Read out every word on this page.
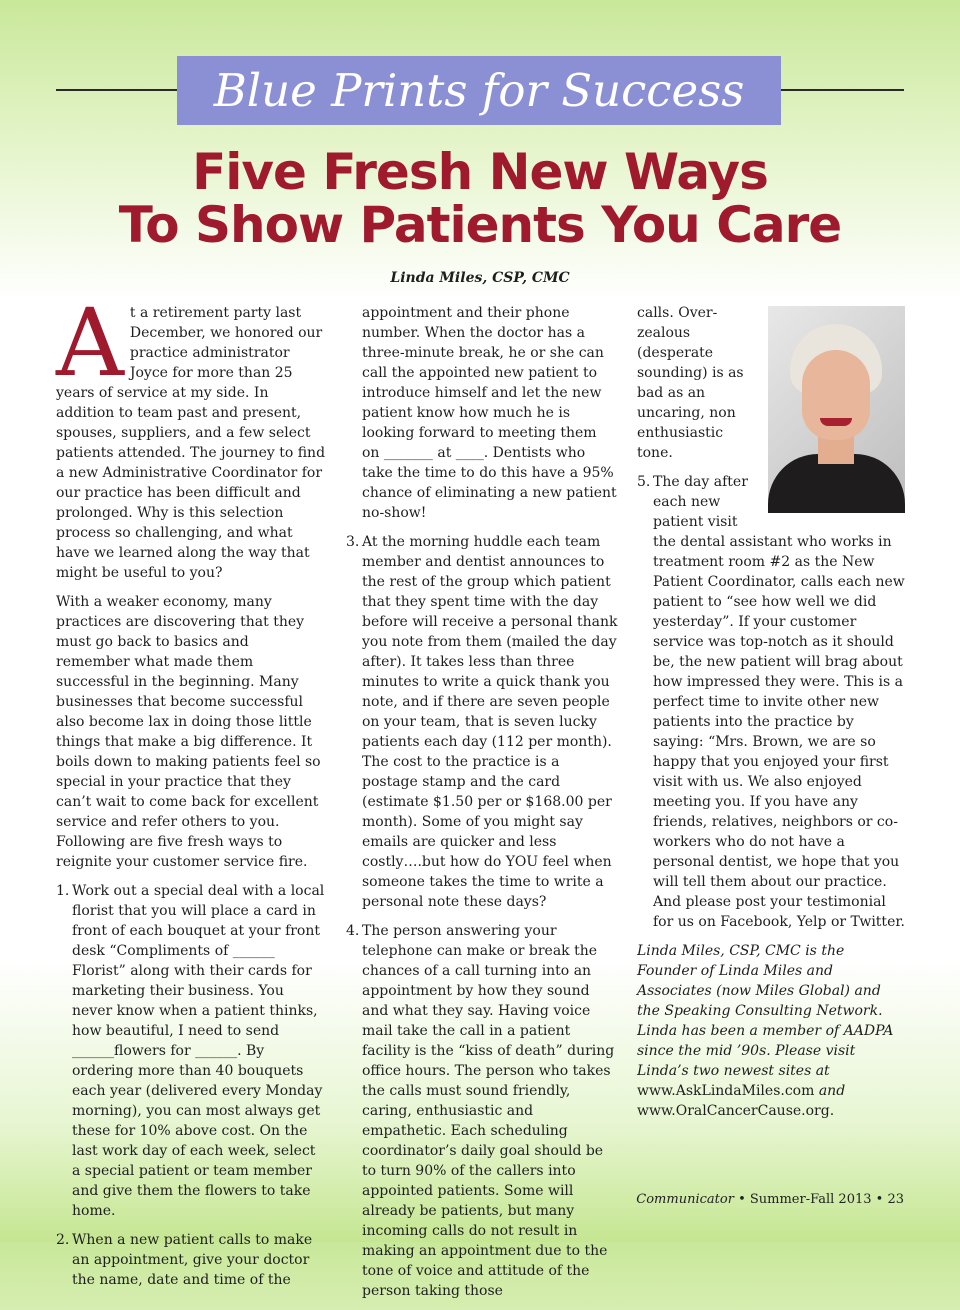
Blue Prints for Success
Five Fresh New Ways
To Show Patients You Care
Linda Miles, CSP, CMC

At a retirement party last December, we honored our practice administrator Joyce for more than 25 years of service at my side. In addition to team past and present, spouses, suppliers, and a few select patients attended. The journey to find a new Administrative Coordinator for our practice has been difficult and prolonged. Why is this selection process so challenging, and what have we learned along the way that might be useful to you?

With a weaker economy, many practices are discovering that they must go back to basics and remember what made them successful in the beginning. Many businesses that become successful also become lax in doing those little things that make a big difference. It boils down to making patients feel so special in your practice that they can’t wait to come back for excellent service and refer others to you. Following are five fresh ways to reignite your customer service fire.

1. Work out a special deal with a local florist that you will place a card in front of each bouquet at your front desk “Compliments of ______ Florist” along with their cards for marketing their business. You never know when a patient thinks, how beautiful, I need to send ______flowers for ______. By ordering more than 40 bouquets each year (delivered every Monday morning), you can most always get these for 10% above cost. On the last work day of each week, select a special patient or team member and give them the flowers to take home.
2. When a new patient calls to make an appointment, give your doctor the name, date and time of the
appointment and their phone number. When the doctor has a three-minute break, he or she can call the appointed new patient to introduce himself and let the new patient know how much he is looking forward to meeting them on _______ at ____. Dentists who take the time to do this have a 95% chance of eliminating a new patient no-show!
3. At the morning huddle each team member and dentist announces to the rest of the group which patient that they spent time with the day before will receive a personal thank you note from them (mailed the day after). It takes less than three minutes to write a quick thank you note, and if there are seven people on your team, that is seven lucky patients each day (112 per month). The cost to the practice is a postage stamp and the card (estimate $1.50 per or $168.00 per month). Some of you might say emails are quicker and less costly….but how do YOU feel when someone takes the time to write a personal note these days?
4. The person answering your telephone can make or break the chances of a call turning into an appointment by how they sound and what they say. Having voice mail take the call in a patient facility is the “kiss of death” during office hours. The person who takes the calls must sound friendly, caring, enthusiastic and empathetic. Each scheduling coordinator’s daily goal should be to turn 90% of the callers into appointed patients. Some will already be patients, but many incoming calls do not result in making an appointment due to the tone of voice and attitude of the person taking those
calls. Over-zealous (desperate sounding) is as bad as an uncaring, non enthusiastic tone.
5. The day after each new patient visit the dental assistant who works in treatment room #2 as the New Patient Coordinator, calls each new patient to “see how well we did yesterday”. If your customer service was top-notch as it should be, the new patient will brag about how impressed they were. This is a perfect time to invite other new patients into the practice by saying: “Mrs. Brown, we are so happy that you enjoyed your first visit with us. We also enjoyed meeting you. If you have any friends, relatives, neighbors or co-workers who do not have a personal dentist, we hope that you will tell them about our practice. And please post your testimonial for us on Facebook, Yelp or Twitter.

Linda Miles, CSP, CMC is the Founder of Linda Miles and Associates (now Miles Global) and the Speaking Consulting Network. Linda has been a member of AADPA since the mid ’90s. Please visit Linda’s two newest sites at www.AskLindaMiles.com and www.OralCancerCause.org.

Communicator • Summer-Fall 2013 • 23
